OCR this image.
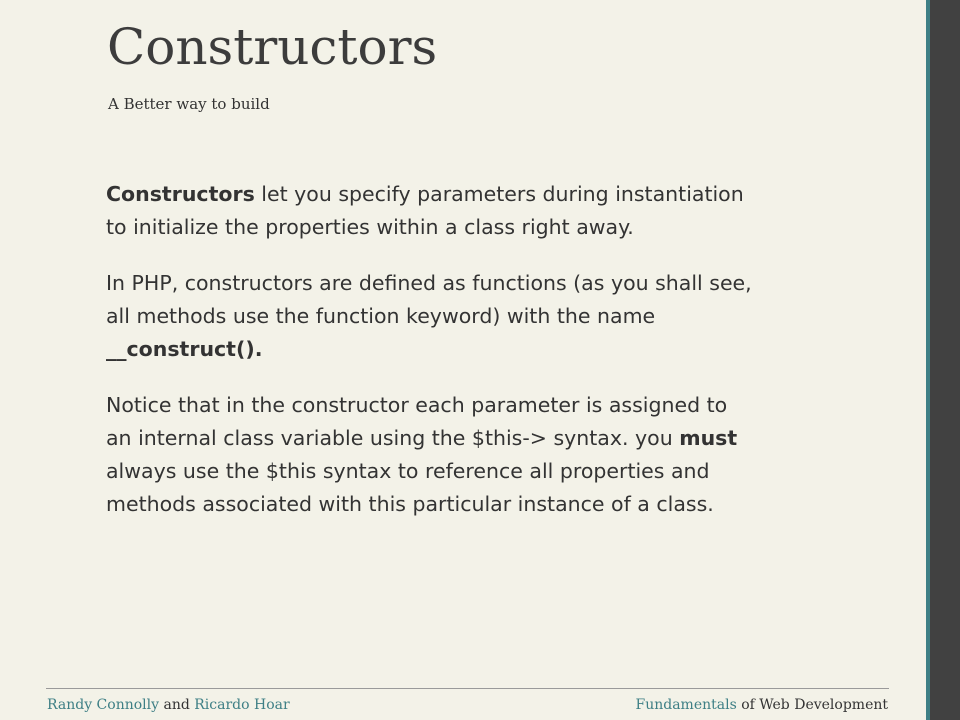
Constructors
A Better way to build

Constructors let you specify parameters during instantiation to initialize the properties within a class right away.

In PHP, constructors are defined as functions (as you shall see, all methods use the function keyword) with the name __construct().

Notice that in the constructor each parameter is assigned to an internal class variable using the $this-> syntax. you must always use the $this syntax to reference all properties and methods associated with this particular instance of a class.

Randy Connolly and Ricardo Hoar	Fundamentals of Web Development
